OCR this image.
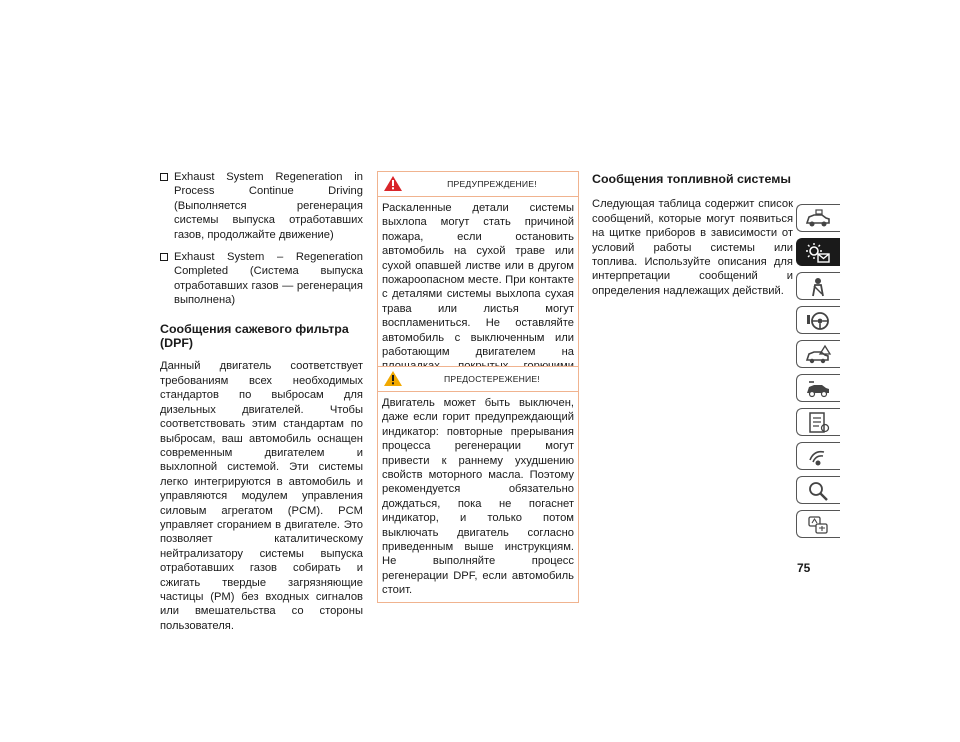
Exhaust System Regeneration in Process Continue Driving (Выполняется регенерация системы выпуска отработавших газов, продолжайте движение)
Exhaust System – Regeneration Completed (Система выпуска отработавших газов — регенерация выполнена)
Сообщения сажевого фильтра (DPF)
Данный двигатель соответствует требованиям всех необходимых стандартов по выбросам для дизельных двигателей. Чтобы соответствовать этим стандартам по выбросам, ваш автомобиль оснащен современным двигателем и выхлопной системой. Эти системы легко интегрируются в автомобиль и управляются модулем управления силовым агрегатом (PCM). PCM управляет сгоранием в двигателе. Это позволяет каталитическому нейтрализатору системы выпуска отработавших газов собирать и сжигать твердые загрязняющие частицы (PM) без входных сигналов или вмешательства со стороны пользователя.
ПРЕДУПРЕЖДЕНИЕ!
Раскаленные детали системы выхлопа могут стать причиной пожара, если остановить автомобиль на сухой траве или сухой опавшей листве или в другом пожароопасном месте. При контакте с деталями системы выхлопа сухая трава или листья могут воспламениться. Не оставляйте автомобиль с выключенным или работающим двигателем на
ПРЕДОСТЕРЕЖЕНИЕ!
Двигатель может быть выключен, даже если горит предупреждающий индикатор: повторные прерывания процесса регенерации могут привести к раннему ухудшению свойств моторного масла. Поэтому рекомендуется обязательно дождаться, пока не погаснет индикатор, и только потом выключать двигатель согласно приведенным выше инструкциям. Не выполняйте процесс регенерации DPF, если автомобиль стоит.
Сообщения топливной системы
Следующая таблица содержит список сообщений, которые могут появиться на щитке приборов в зависимости от условий работы системы или топлива. Используйте описания для интерпретации сообщений и определения надлежащих действий.
75
